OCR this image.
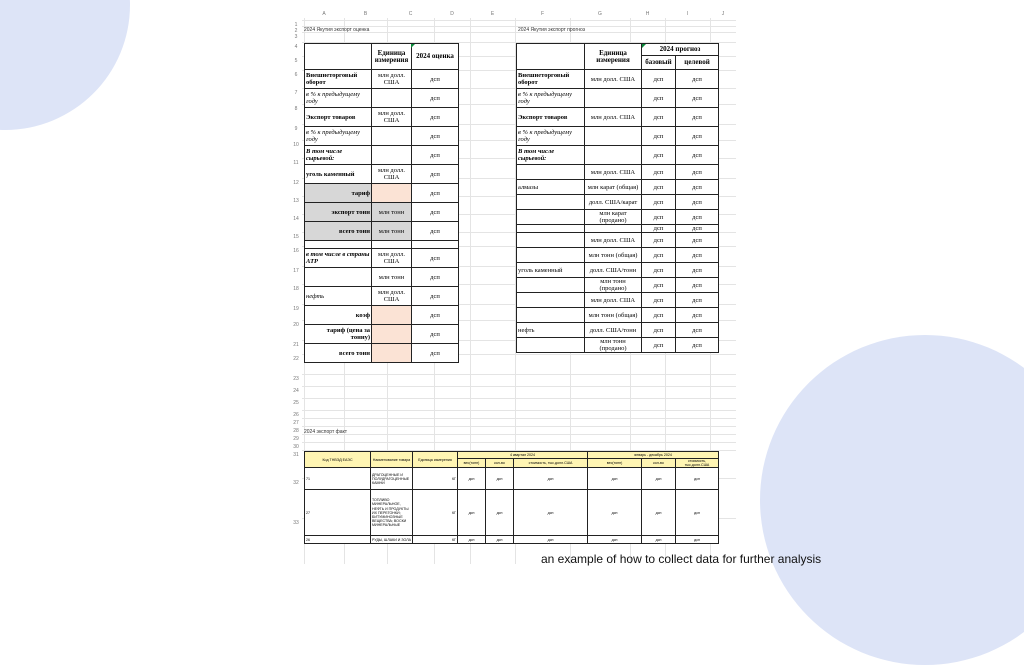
A	B	C	D	E	F	G	H	I	J
1
2
3
4
5
6
7
8
9
10
11
12
13
14
15
16
17
18
19
20
21
22
23
24
25
26
27
28
29
30
31
32
33
2024 Якутия экспорт оценка	2024 Якутия экспорт прогноз
2024 экспорт факт
	Единица измерения	2024 оценка
Внешнеторговый оборот	млн долл. США	дсп
в % к предыдущему году		дсп
Экспорт товаров	млн долл. США	дсп
в % к предыдущему году		дсп
В том числе сырьевой:		дсп
уголь каменный	млн долл. США	дсп
тариф		дсп
экспорт тонн	млн тонн	дсп
всего тонн	млн тонн	дсп

в том числе в страны АТР	млн долл. США	дсп
	млн тонн	дсп
нефть	млн долл. США	дсп
коэф		дсп
тариф (цена за тонну)		дсп
всего тонн		дсп
	Единица измерения	2024 прогноз	
		базовый	целевой
Внешнеторговый оборот	млн долл. США	дсп	дсп
в % к предыдущему году		дсп	дсп
Экспорт товаров	млн долл. США	дсп	дсп
в % к предыдущему году		дсп	дсп
В том числе сырьевой:		дсп	дсп
	млн долл. США	дсп	дсп
алмазы	млн карат (общая)	дсп	дсп
	долл. США/карат	дсп	дсп
	млн карат (продано)	дсп	дсп
		дсп	дсп
	млн долл. США	дсп	дсп
	млн тонн (общая)	дсп	дсп
уголь каменный	долл. США/тонн	дсп	дсп
	млн тонн (продано)	дсп	дсп
	млн долл. США	дсп	дсп
	млн тонн (общая)	дсп	дсп
нефть	долл. США/тонн	дсп	дсп
	млн тонн (продано)	дсп	дсп
Код ТНВЭД ЕАЭС	Наименование товара	Единица измерения	4 квартал 2024			январь - декабрь 2024		
			вес(тонн)	кол-во	стоимость, тыс.долл.США	вес(тонн)	кол-во	стоимость, тыс.долл.США
71	ДРАГОЦЕННЫЕ И ПОЛУДРАГОЦЕННЫЕ КАМНИ	КГ	дсп	дсп	дсп	дсп	дсп	дсп
27	ТОПЛИВО МИНЕРАЛЬНОЕ, НЕФТЬ И ПРОДУКТЫ ИХ ПЕРЕГОНКИ; БИТУМИНОЗНЫЕ ВЕЩЕСТВА; ВОСКИ МИНЕРАЛЬНЫЕ	КГ	дсп	дсп	дсп	дсп	дсп	дсп
26	РУДЫ, ШЛАКИ И ЗОЛА	КГ	дсп	дсп	дсп	дсп	дсп	дсп
an example of how to collect data for further analysis
